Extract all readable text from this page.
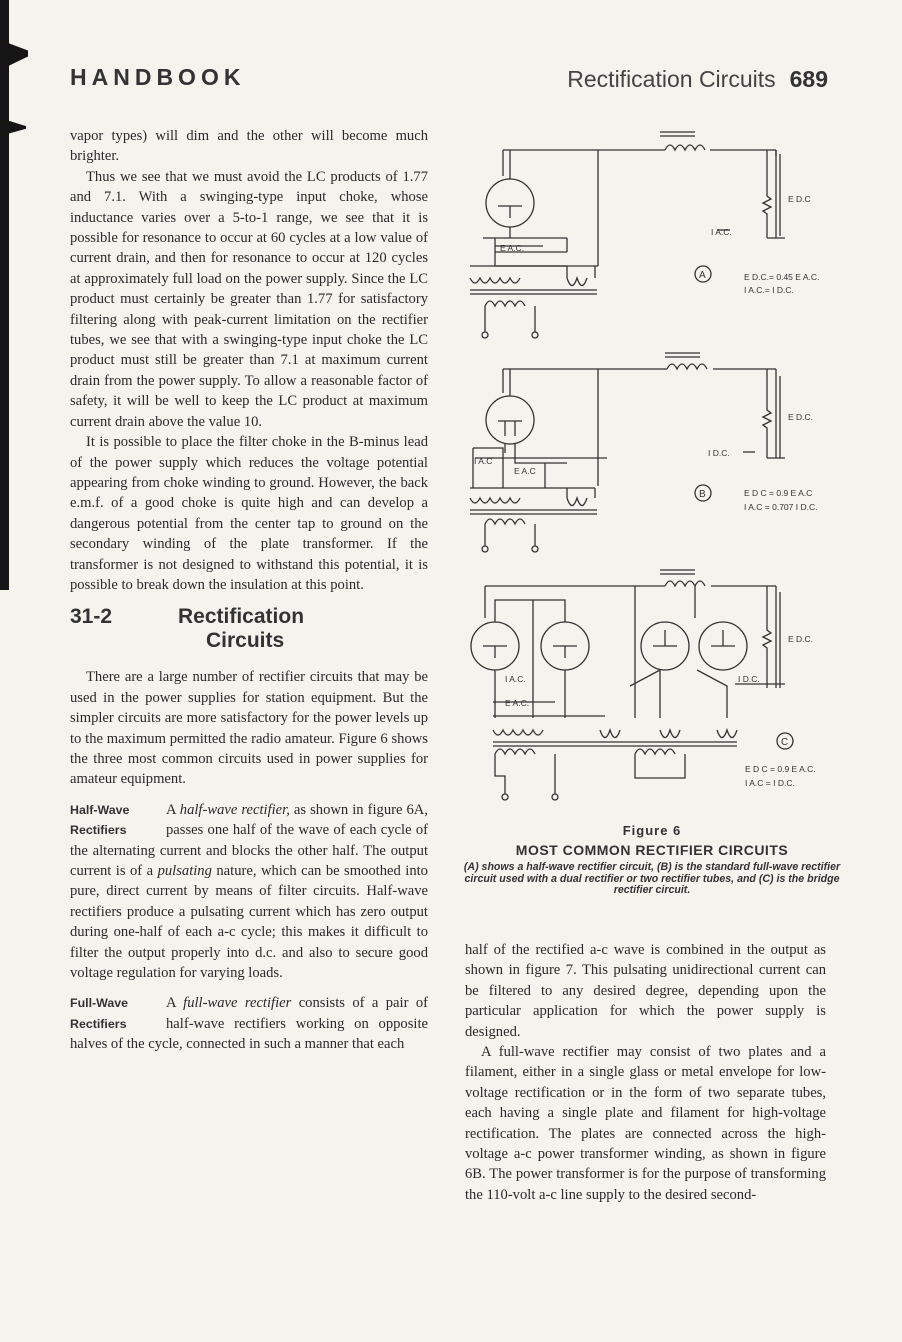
HANDBOOK	Rectification Circuits 689

vapor types) will dim and the other will become much brighter.

Thus we see that we must avoid the LC products of 1.77 and 7.1. With a swinging-type input choke, whose inductance varies over a 5-to-1 range, we see that it is possible for resonance to occur at 60 cycles at a low value of current drain, and then for resonance to occur at 120 cycles at approximately full load on the power supply. Since the LC product must certainly be greater than 1.77 for satisfactory filtering along with peak-current limitation on the rectifier tubes, we see that with a swinging-type input choke the LC product must still be greater than 7.1 at maximum current drain from the power supply. To allow a reasonable factor of safety, it will be well to keep the LC product at maximum current drain above the value 10.

It is possible to place the filter choke in the B-minus lead of the power supply which reduces the voltage potential appearing from choke winding to ground. However, the back e.m.f. of a good choke is quite high and can develop a dangerous potential from the center tap to ground on the secondary winding of the plate transformer. If the transformer is not designed to withstand this potential, it is possible to break down the insulation at this point.

31-2	Rectification
Circuits

There are a large number of rectifier circuits that may be used in the power supplies for station equipment. But the simpler circuits are more satisfactory for the power levels up to the maximum permitted the radio amateur. Figure 6 shows the three most common circuits used in power supplies for amateur equipment.

Half-Wave
Rectifiers

A half-wave rectifier, as shown in figure 6A, passes one half of the wave of each cycle of the alternating current and blocks the other half. The output current is of a pulsating nature, which can be smoothed into pure, direct current by means of filter circuits. Half-wave rectifiers produce a pulsating current which has zero output during one-half of each a-c cycle; this makes it difficult to filter the output properly into d.c. and also to secure good voltage regulation for varying loads.

Full-Wave
Rectifiers

A full-wave rectifier consists of a pair of half-wave rectifiers working on opposite halves of the cycle, connected in such a manner that each

A
E D.C
I A.C.
E A.C.
E D.C.= 0.45 E A.C.
I A.C.= I D.C.
B
E D.C.
I D.C.
I A.C
E A.C
E D C = 0.9 E A.C
I A.C = 0.707 I D.C.
C
E D.C.
I A.C.	I D.C.
E A.C.
E D C = 0.9 E A.C.
I A.C = I D.C.
Figure 6
MOST COMMON RECTIFIER CIRCUITS
(A) shows a half-wave rectifier circuit, (B) is the standard full-wave rectifier circuit used with a dual rectifier or two rectifier tubes, and (C) is the bridge rectifier circuit.

half of the rectified a-c wave is combined in the output as shown in figure 7. This pulsating unidirectional current can be filtered to any desired degree, depending upon the particular application for which the power supply is designed.

A full-wave rectifier may consist of two plates and a filament, either in a single glass or metal envelope for low-voltage rectification or in the form of two separate tubes, each having a single plate and filament for high-voltage rectification. The plates are connected across the high-voltage a-c power transformer winding, as shown in figure 6B. The power transformer is for the purpose of transforming the 110-volt a-c line supply to the desired second-
